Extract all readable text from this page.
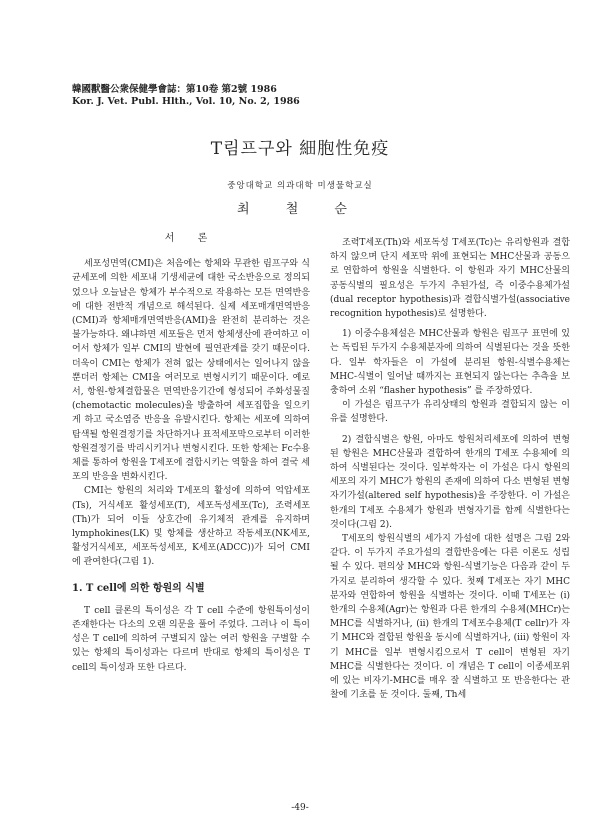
韓國獸醫公衆保健學會誌：第10卷 第2號 1986
Kor. J. Vet. Publ. Hlth., Vol. 10, No. 2, 1986
T림프구와 細胞性免疫
중앙대학교 의과대학 미생물학교실
최 철 순
서 론

세포성면역(CMI)은 처음에는 항체와 무관한 림프구와 식균세포에 의한 세포내 기생세균에 대한 국소반응으로 정의되었으나 오늘날은 항체가 부수적으로 작용하는 모든 면역반응에 대한 전반적 개념으로 해석된다. 실제 세포매개면역반응(CMI)과 항체매개면역반응(AMI)을 완전히 분리하는 것은 불가능하다. 왜냐하면 세포들은 먼저 항체생산에 관여하고 이어서 항체가 일부 CMI의 발현에 필연관계를 갖기 때문이다. 더욱이 CMI는 항체가 전혀 없는 상태에서는 일어나지 않을 뿐더러 항체는 CMI을 여러모로 변형시키기 때문이다. 예로서, 항원-항체결합물은 면역반응기간에 형성되어 주화성물질(chemotactic molecules)을 방출하여 세포집합을 일으키게 하고 국소염증 반응을 유발시킨다. 항체는 세포에 의하여 탐색될 항원결정기를 차단하거나 표적세포막으로부터 이러한 항원결정기를 박리시키거나 변형시킨다. 또한 항체는 Fc수용체를 통하여 항원을 T세포에 결합시키는 역할을 하여 결국 세포의 반응을 변화시킨다.

CMI는 항원의 처리와 T세포의 활성에 의하여 억압세포(Ts), 거식세포 활성세포(T), 세포독성세포(Tc), 조력세포(Th)가 되어 이들 상호간에 유기체적 관계를 유지하며 lymphokines(LK) 및 항체를 생산하고 작동세포(NK세포, 활성거식세포, 세포독성세포, K세포(ADCC))가 되어 CMI에 관여한다(그림 1).

1. T cell에 의한 항원의 식별

T cell 클론의 특이성은 각 T cell 수준에 항원특이성이 존재한다는 다소의 오랜 의문을 풀어 주었다. 그러나 이 특이성은 T cell에 의하여 구별되지 않는 여러 항원을 구별할 수 있는 항체의 특이성과는 다르며 반대로 항체의 특이성은 T cell의 특이성과 또한 다르다.

조력T세포(Th)와 세포독성 T세포(Tc)는 유리항원과 결합하지 않으며 단지 세포막 위에 표현되는 MHC산물과 공동으로 연합하여 항원을 식별한다. 이 항원과 자기 MHC산물의 공동식별의 필요성은 두가지 추된가설, 즉 이중수용체가설(dual receptor hypothesis)과 결합식별가설(associative recognition hypothesis)로 설명한다.

1) 이중수용체설은 MHC산물과 항원은 림프구 표면에 있는 독립된 두가지 수용체분자에 의하여 식별된다는 것을 뜻한다. 일부 학자들은 이 가설에 분리된 항원-식별수용체는 MHC-식별이 일어날 때까지는 표현되지 않는다는 추측을 보충하여 소위 “flasher hypothesis” 를 주장하였다.

이 가설은 림프구가 유리상태의 항원과 결합되지 않는 이유를 설명한다.

2) 결합식별은 항원, 아마도 항원처리세포에 의하여 변형된 항원은 MHC산물과 결합하여 한개의 T세포 수용체에 의하여 식별된다는 것이다. 일부학자는 이 가설은 다시 항원의 세포의 자기 MHC가 항원의 존재에 의하여 다소 변형된 변형자기가설(altered self hypothesis)을 주장한다. 이 가설은 한개의 T세포 수용체가 항원과 변형자기를 함께 식별한다는 것이다(그림 2).

T세포의 항원식별의 세가지 가설에 대한 설명은 그림 2와 같다. 이 두가지 주요가설의 결합반응에는 다른 이론도 성립될 수 있다. 편의상 MHC와 항원-식별기능은 다음과 같이 두가지로 분리하여 생각할 수 있다. 첫째 T세포는 자기 MHC 분자와 연합하여 항원을 식별하는 것이다. 이때 T세포는 (i) 한개의 수용체(Agr)는 항원과 다른 한개의 수용체(MHCr)는 MHC를 식별하거나, (ii) 한개의 T세포수용체(T cellr)가 자기 MHC와 결합된 항원을 동시에 식별하거나, (iii) 항원이 자기 MHC를 일부 변형시킴으로서 T cell이 변형된 자기 MHC를 식별한다는 것이다. 이 개념은 T cell이 이종세포위에 있는 비자기-MHC를 매우 잘 식별하고 또 반응한다는 관찰에 기초를 둔 것이다. 둘째, Th세

-49-
